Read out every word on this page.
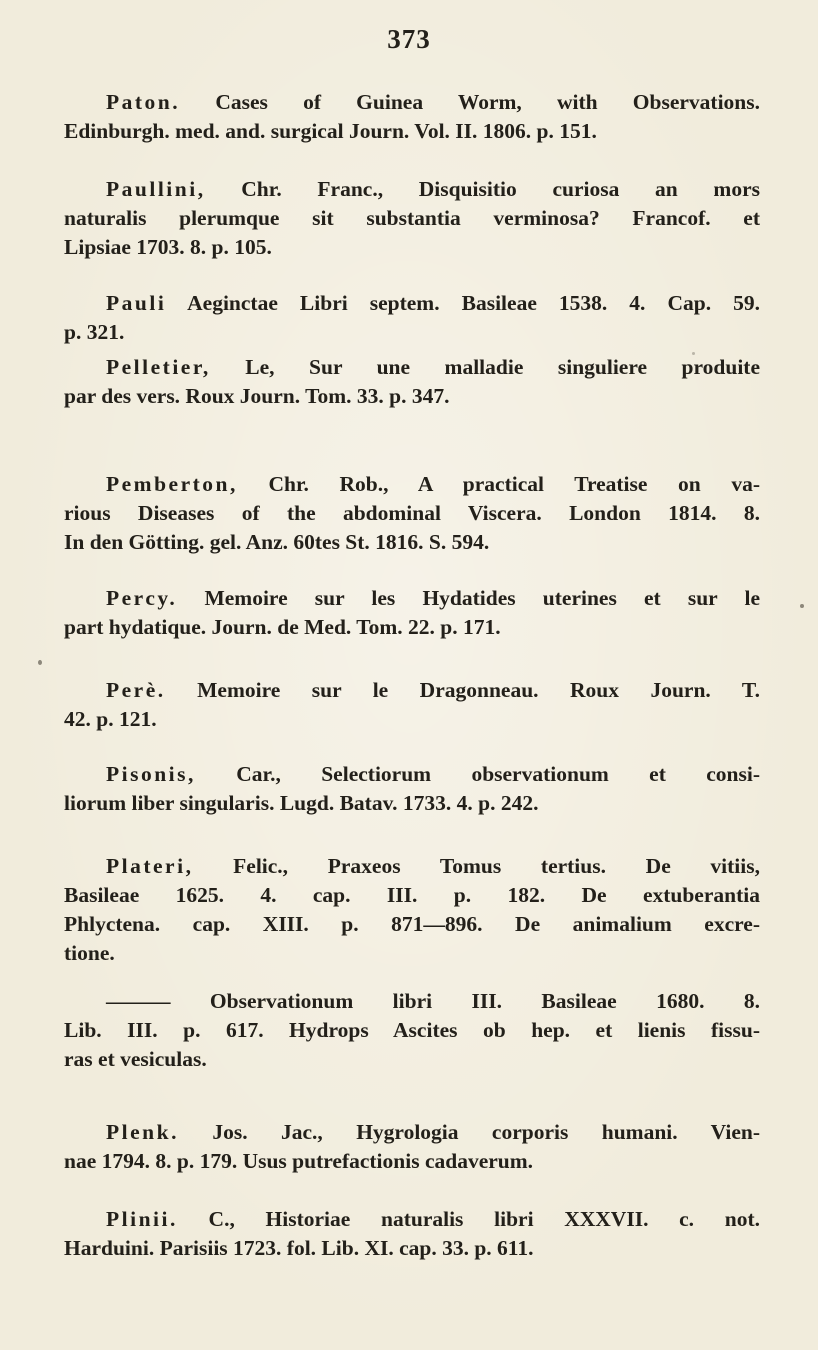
373
Paton. Cases of Guinea Worm, with Observations.
Edinburgh. med. and. surgical Journ. Vol. II. 1806. p. 151.
Paullini, Chr. Franc., Disquisitio curiosa an mors
naturalis plerumque sit substantia verminosa? Francof. et
Lipsiae 1703. 8. p. 105.
Pauli Aeginctae Libri septem. Basileae 1538. 4. Cap. 59.
p. 321.
Pelletier, Le, Sur une malladie singuliere produite
par des vers. Roux Journ. Tom. 33. p. 347.
Pemberton, Chr. Rob., A practical Treatise on va-
rious Diseases of the abdominal Viscera. London 1814. 8.
In den Götting. gel. Anz. 60tes St. 1816. S. 594.
Percy. Memoire sur les Hydatides uterines et sur le
part hydatique. Journ. de Med. Tom. 22. p. 171.
Perè. Memoire sur le Dragonneau. Roux Journ. T.
42. p. 121.
Pisonis, Car., Selectiorum observationum et consi-
liorum liber singularis. Lugd. Batav. 1733. 4. p. 242.
Plateri, Felic., Praxeos Tomus tertius. De vitiis,
Basileae 1625. 4. cap. III. p. 182. De extuberantia
Phlyctena. cap. XIII. p. 871—896. De animalium excre-
tione.
——— Observationum libri III. Basileae 1680. 8.
Lib. III. p. 617. Hydrops Ascites ob hep. et lienis fissu-
ras et vesiculas.
Plenk. Jos. Jac., Hygrologia corporis humani. Vien-
nae 1794. 8. p. 179. Usus putrefactionis cadaverum.
Plinii. C., Historiae naturalis libri XXXVII. c. not.
Harduini. Parisiis 1723. fol. Lib. XI. cap. 33. p. 611.
